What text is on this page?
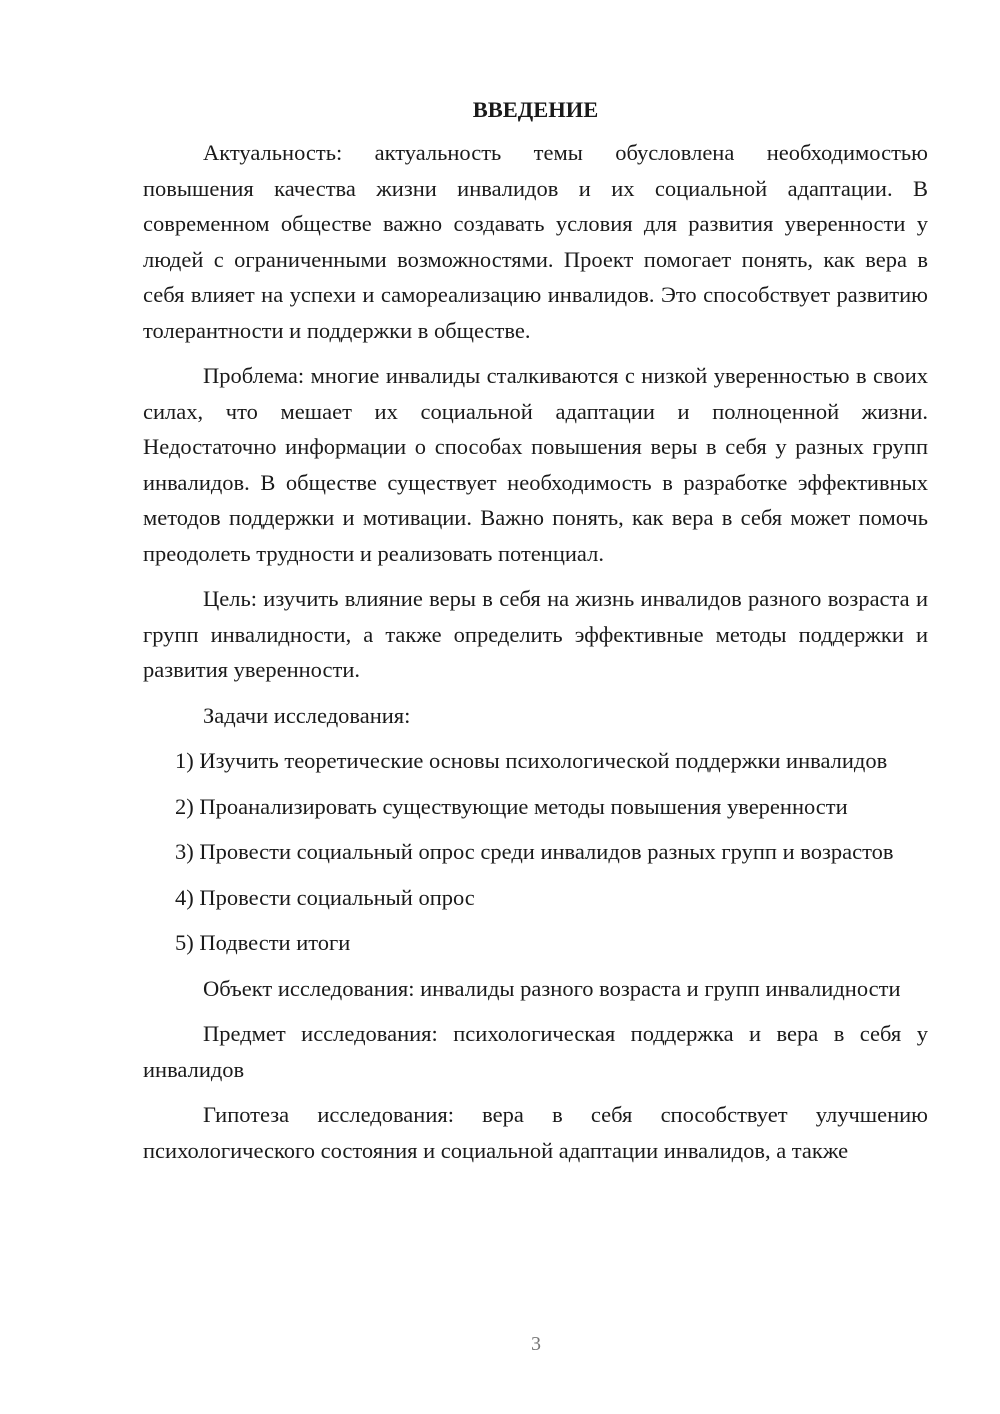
ВВЕДЕНИЕ

Актуальность: актуальность темы обусловлена необходимостью повышения качества жизни инвалидов и их социальной адаптации. В современном обществе важно создавать условия для развития уверенности у людей с ограниченными возможностями. Проект помогает понять, как вера в себя влияет на успехи и самореализацию инвалидов. Это способствует развитию толерантности и поддержки в обществе.

Проблема: многие инвалиды сталкиваются с низкой уверенностью в своих силах, что мешает их социальной адаптации и полноценной жизни. Недостаточно информации о способах повышения веры в себя у разных групп инвалидов. В обществе существует необходимость в разработке эффективных методов поддержки и мотивации. Важно понять, как вера в себя может помочь преодолеть трудности и реализовать потенциал.

Цель: изучить влияние веры в себя на жизнь инвалидов разного возраста и групп инвалидности, а также определить эффективные методы поддержки и развития уверенности.

Задачи исследования:

1) Изучить теоретические основы психологической поддержки инвалидов

2) Проанализировать существующие методы повышения уверенности

3) Провести социальный опрос среди инвалидов разных групп и возрастов

4) Провести социальный опрос

5) Подвести итоги

Объект исследования: инвалиды разного возраста и групп инвалидности

Предмет исследования: психологическая поддержка и вера в себя у инвалидов

Гипотеза исследования: вера в себя способствует улучшению психологического состояния и социальной адаптации инвалидов, а также

3
